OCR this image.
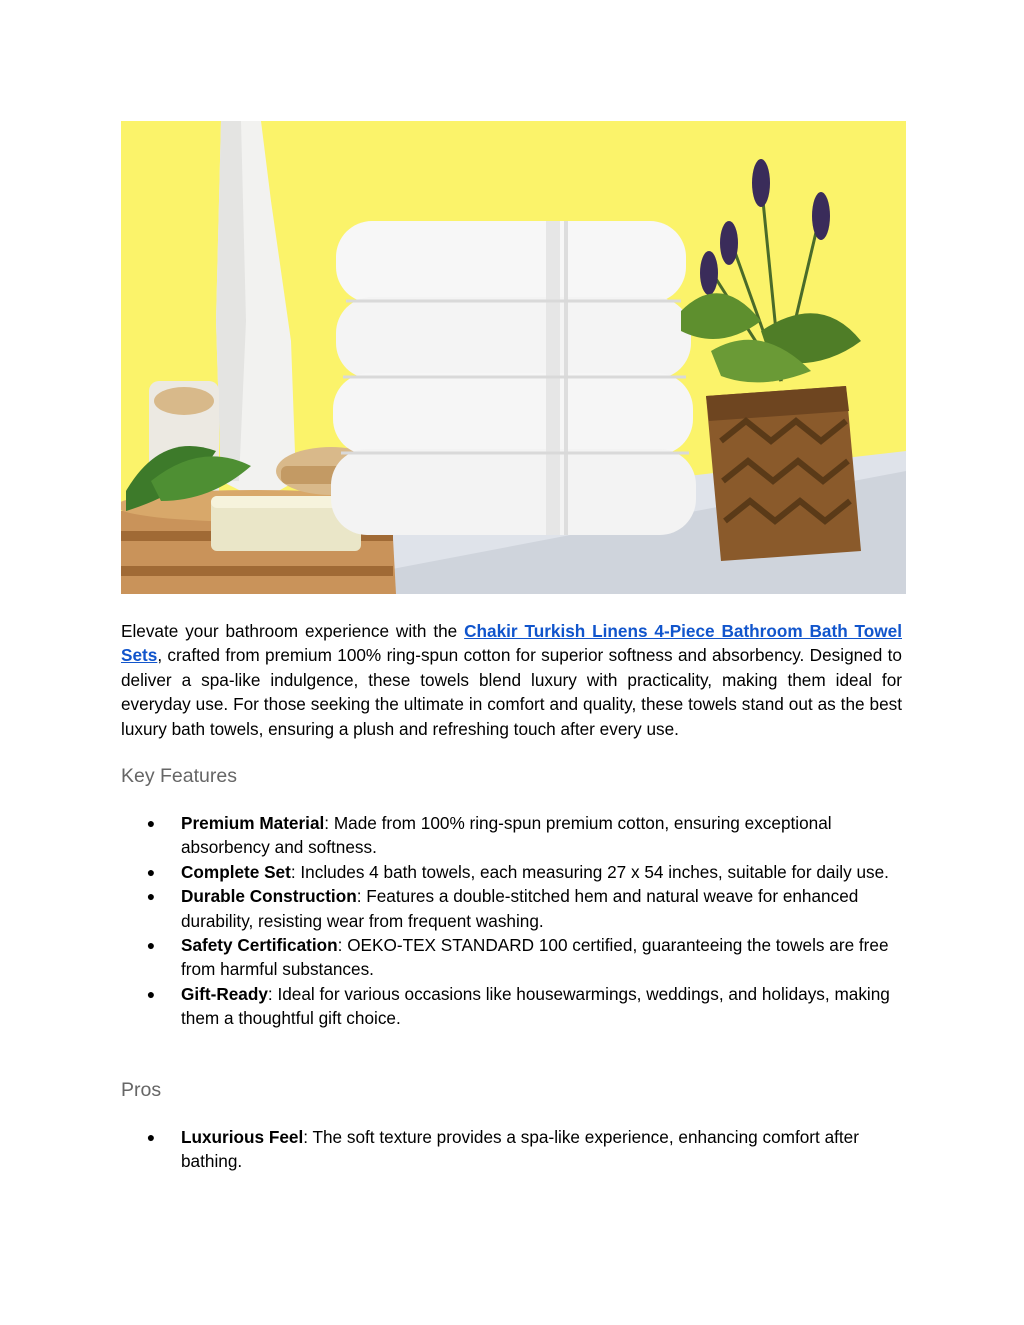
Elevate your bathroom experience with the Chakir Turkish Linens 4-Piece Bathroom Bath Towel Sets, crafted from premium 100% ring-spun cotton for superior softness and absorbency. Designed to deliver a spa-like indulgence, these towels blend luxury with practicality, making them ideal for everyday use. For those seeking the ultimate in comfort and quality, these towels stand out as the best luxury bath towels, ensuring a plush and refreshing touch after every use.

Key Features
●	Premium Material: Made from 100% ring-spun premium cotton, ensuring exceptional absorbency and softness.
●	Complete Set: Includes 4 bath towels, each measuring 27 x 54 inches, suitable for daily use.
●	Durable Construction: Features a double-stitched hem and natural weave for enhanced durability, resisting wear from frequent washing.
●	Safety Certification: OEKO-TEX STANDARD 100 certified, guaranteeing the towels are free from harmful substances.
●	Gift-Ready: Ideal for various occasions like housewarmings, weddings, and holidays, making them a thoughtful gift choice.
Pros
●	Luxurious Feel: The soft texture provides a spa-like experience, enhancing comfort after bathing.
